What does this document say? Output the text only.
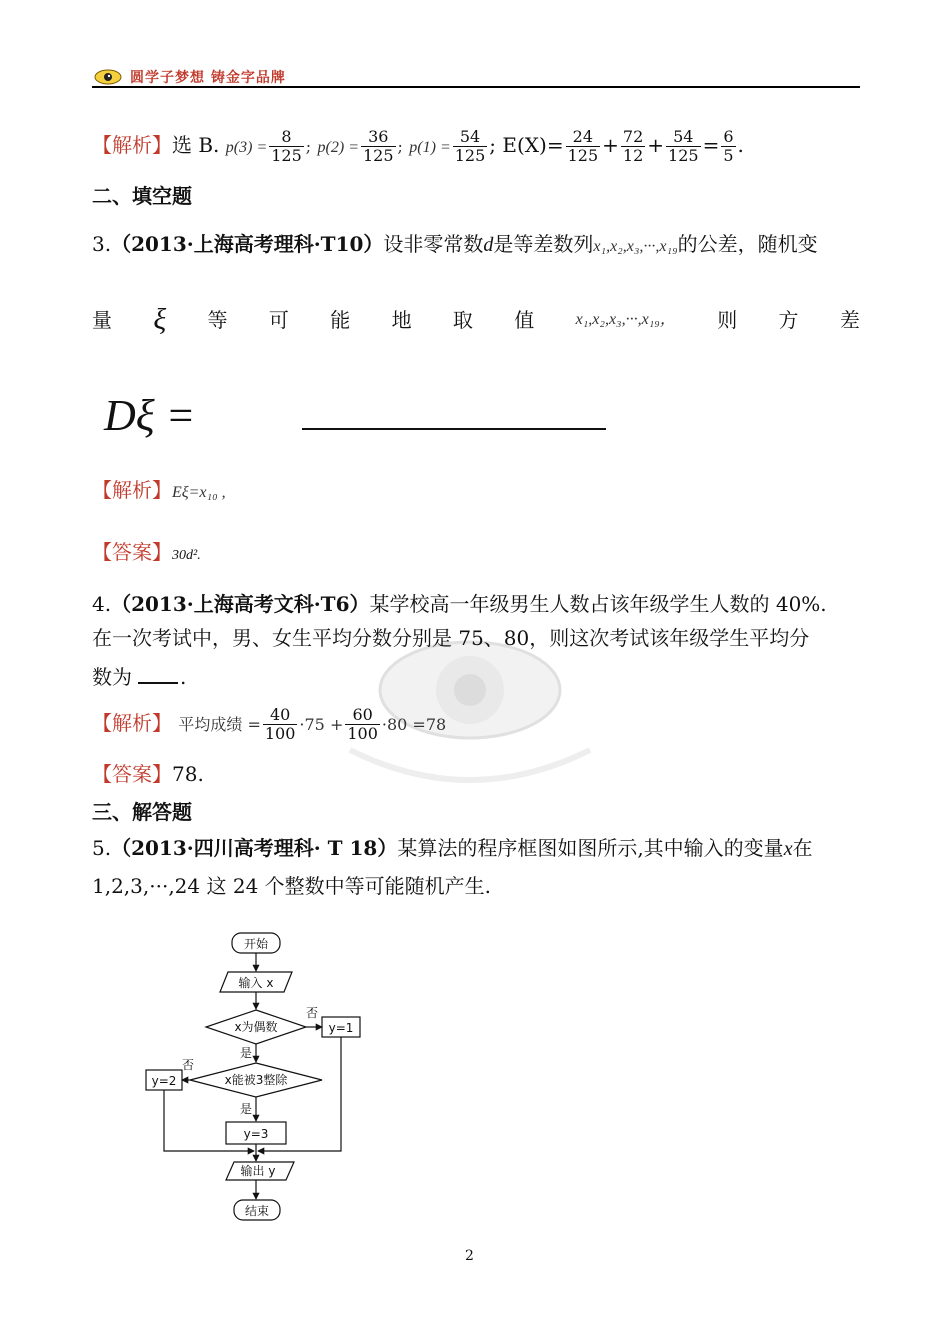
圆学子梦想 铸金字品牌
【解析】选 B. $p(3) = \frac{8}{125}$ ; $p(2) = \frac{36}{125}$ ; $p(1) = \frac{54}{125}$ ; $E(X)= \frac{24}{125} + \frac{72}{12} + \frac{54}{125} = \frac{6}{5}$ .
二、填空题
3.（2013·上海高考理科·T10）设非零常数d是等差数列x₁,x₂,x₃,···,x₁₉的公差，随机变
量 ξ 等 可 能 地 取 值	x₁,x₂,x₃,···,x₁₉， 则 方 差
Dξ =
【解析】Eξ=x₁₀ ,
【答案】30d².
4.（2013·上海高考文科·T6）某学校高一年级男生人数占该年级学生人数的 40%.
在一次考试中，男、女生平均分数分别是 75、80，则这次考试该年级学生平均分
数为 .
【解析】 平均成绩 = $\frac{40}{100} \cdot 75 + \frac{60}{100} \cdot 80 =78$
【答案】78.
三、解答题
5.（2013·四川高考理科· T 18）某算法的程序框图如图所示,其中输入的变量x在
1,2,3,···,24 这 24 个整数中等可能随机产生.
开始
输入 x
x为偶数
否
y=1
是
x能被3整除
否
y=2
是
y=3
输出 y
结束
2
